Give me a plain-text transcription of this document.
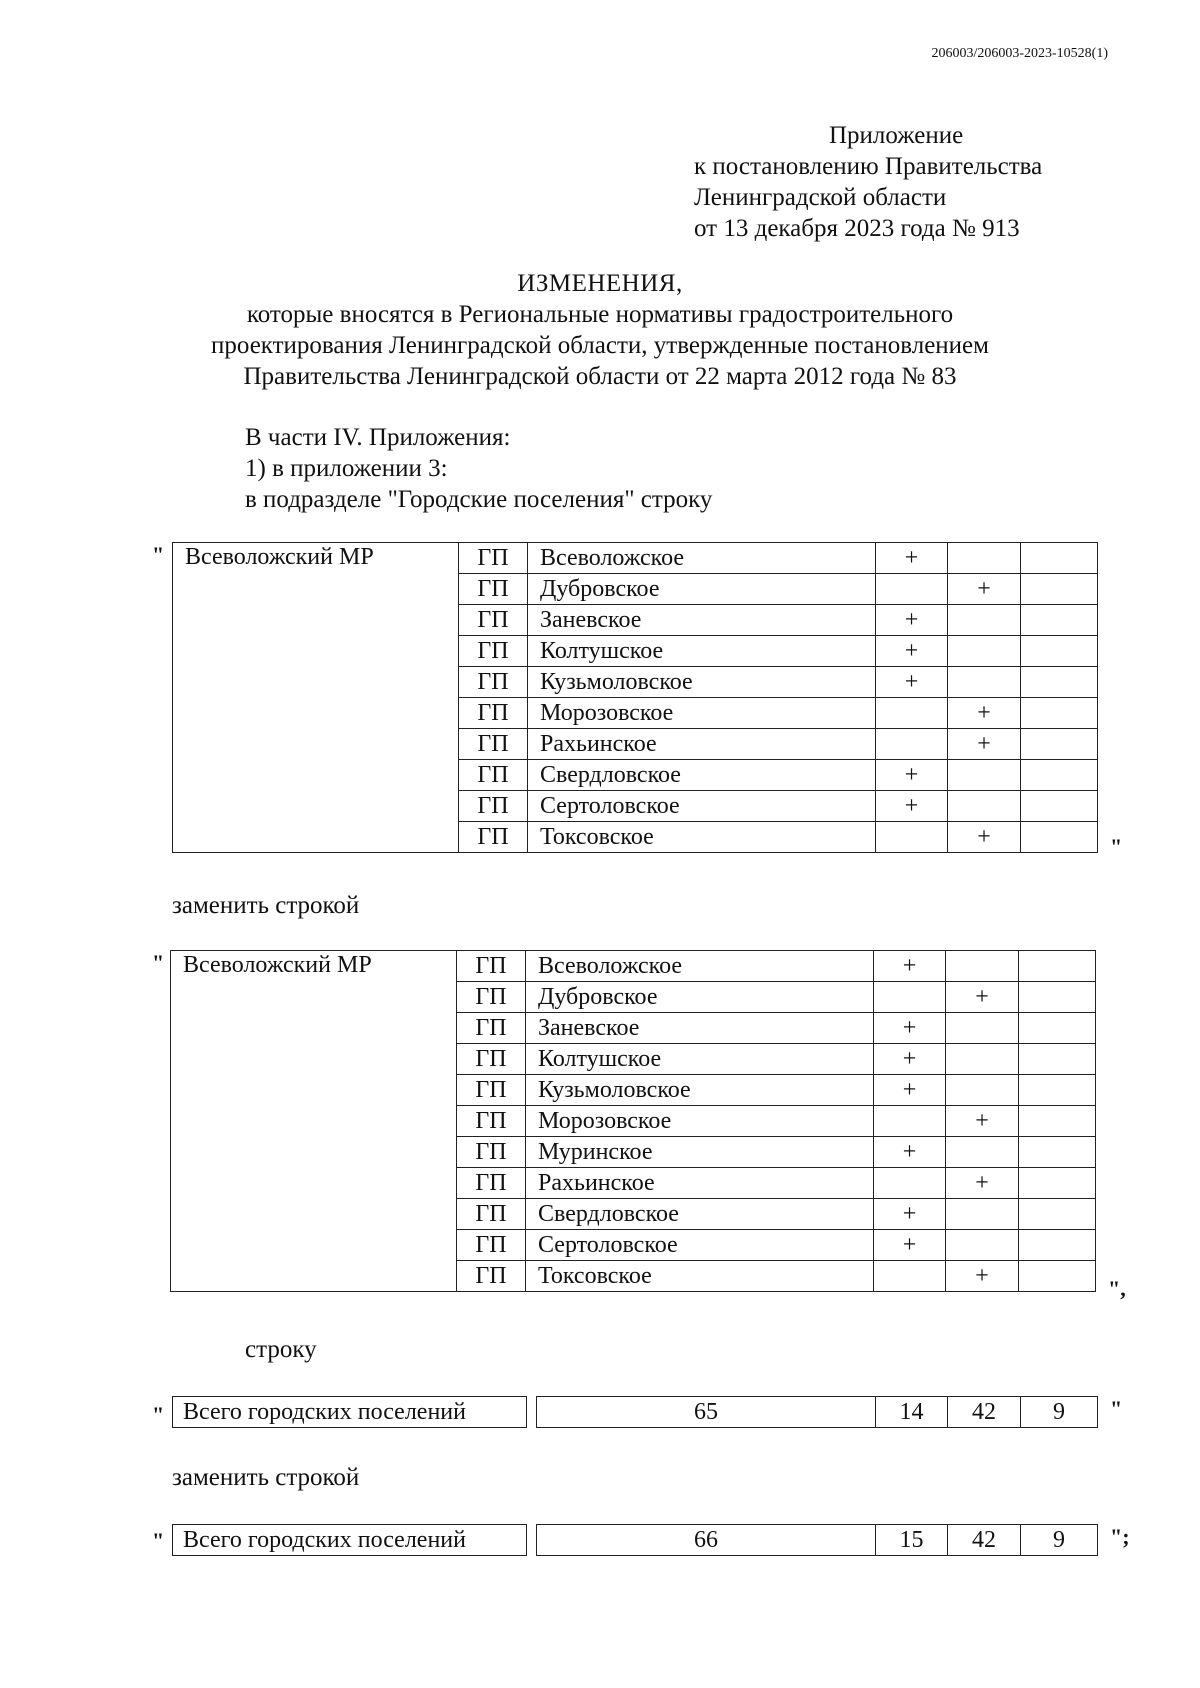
206003/206003-2023-10528(1)
Приложение
к постановлению Правительства
Ленинградской области
от 13 декабря 2023 года № 913
ИЗМЕНЕНИЯ,
которые вносятся в Региональные нормативы градостроительного
проектирования Ленинградской области, утвержденные постановлением
Правительства Ленинградской области от 22 марта 2012 года № 83
В части IV. Приложения:
1) в приложении 3:
в подразделе "Городские поселения" строку
" Всеволожский МР	ГП	Всеволожское	+		
	ГП	Дубровское		+	
	ГП	Заневское	+		
	ГП	Колтушское	+		
	ГП	Кузьмоловское	+		
	ГП	Морозовское		+	
	ГП	Рахьинское		+	
	ГП	Свердловское	+		
	ГП	Сертоловское	+		
	ГП	Токсовское		+		"
заменить строкой
" Всеволожский МР	ГП	Всеволожское	+		
	ГП	Дубровское		+	
	ГП	Заневское	+		
	ГП	Колтушское	+		
	ГП	Кузьмоловское	+		
	ГП	Морозовское		+	
	ГП	Муринское	+		
	ГП	Рахьинское		+	
	ГП	Свердловское	+		
	ГП	Сертоловское	+		
	ГП	Токсовское		+		",
строку
" Всего городских поселений		65	14	42	9 "
заменить строкой
" Всего городских поселений		66	15	42	9 ";
